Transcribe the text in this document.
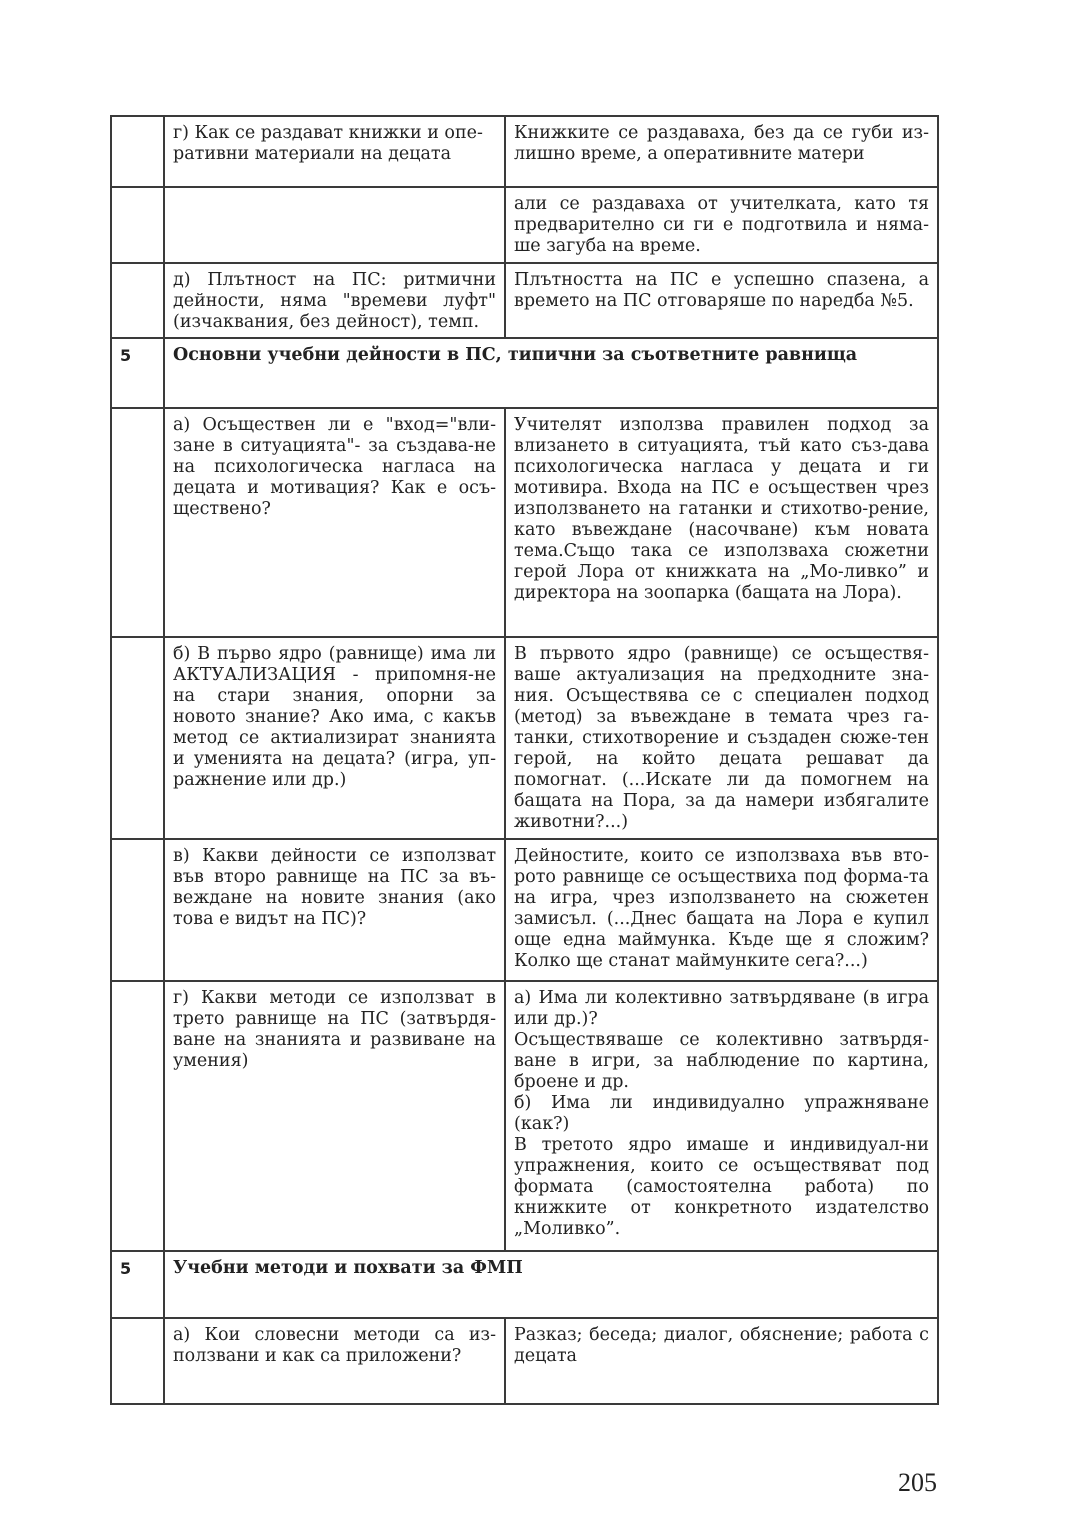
	г) Как се раздават книжки и опе-ративни материали на децата	Книжките се раздаваха, без да се губи из-лишно време, а оперативните матери
		али се раздаваха от учителката, като тя предварително си ги е подготвила и няма-ше загуба на време.
	д) Плътност на ПС: ритмични дейности, няма "времеви луфт" (изчаквания, без дейност), темп.	Плътността на ПС е успешно спазена, а времето на ПС отговаряше по наредба №5.
5	Основни учебни дейности в ПС, типични за съответните равнища	
	а) Осъществен ли е "вход="вли-зане в ситуацията"- за създава-не на психологическа нагласа на децата и мотивация? Как е осъ-ществено?	Учителят използва правилен подход за влизането в ситуацията, тъй като съз-дава психологическа нагласа у децата и ги мотивира. Входа на ПС е осъществен чрез използването на гатанки и стихотво-рение, като въвеждане (насочване) към новата тема.Също така се използваха сюжетни герой Лора от книжката на „Мо-ливко” и директора на зоопарка (бащата на Лора).
	б) В първо ядро (равнище) има ли АКТУАЛИЗАЦИЯ - припомня-не на стари знания, опорни за новото знание? Ако има, с какъв метод се актиализират знанията и уменията на децата? (игра, уп-ражнение или др.)	В първото ядро (равнище) се осъществя-ваше актуализация на предходните зна-ния. Осъществява се с специален подход (метод) за въвеждане в темата чрез га-танки, стихотворение и създаден сюже-тен герой, на който децата решават да помогнат. (...Искате ли да помогнем на бащата на Пора, за да намери избягалите животни?...)
	в) Какви дейности се използват във второ равнище на ПС за въ-веждане на новите знания (ако това е видът на ПС)?	Дейностите, които се използваха във вто-рото равнище се осъществиха под форма-та на игра, чрез използването на сюжетен замисъл. (...Днес бащата на Лора е купил още една маймунка. Къде ще я сложим? Колко ще станат маймунките сега?...)
	г) Какви методи се използват в трето равнище на ПС (затвърдя-ване на знанията и развиване на умения)	а) Има ли колективно затвърдяване (в игра или др.)?
Осъществяваше се колективно затвърдя-ване в игри, за наблюдение по картина, броене и др.
б) Има ли индивидуално упражняване (как?)
В третото ядро имаше и индивидуал-ни упражнения, които се осъществяват под формата (самостоятелна работа) по книжките от конкретното издателство „Моливко”.
5	Учебни методи и похвати за ФМП	
	а) Кои словесни методи са из-ползвани и как са приложени?	Разказ; беседа; диалог, обяснение; работа с децата
205
